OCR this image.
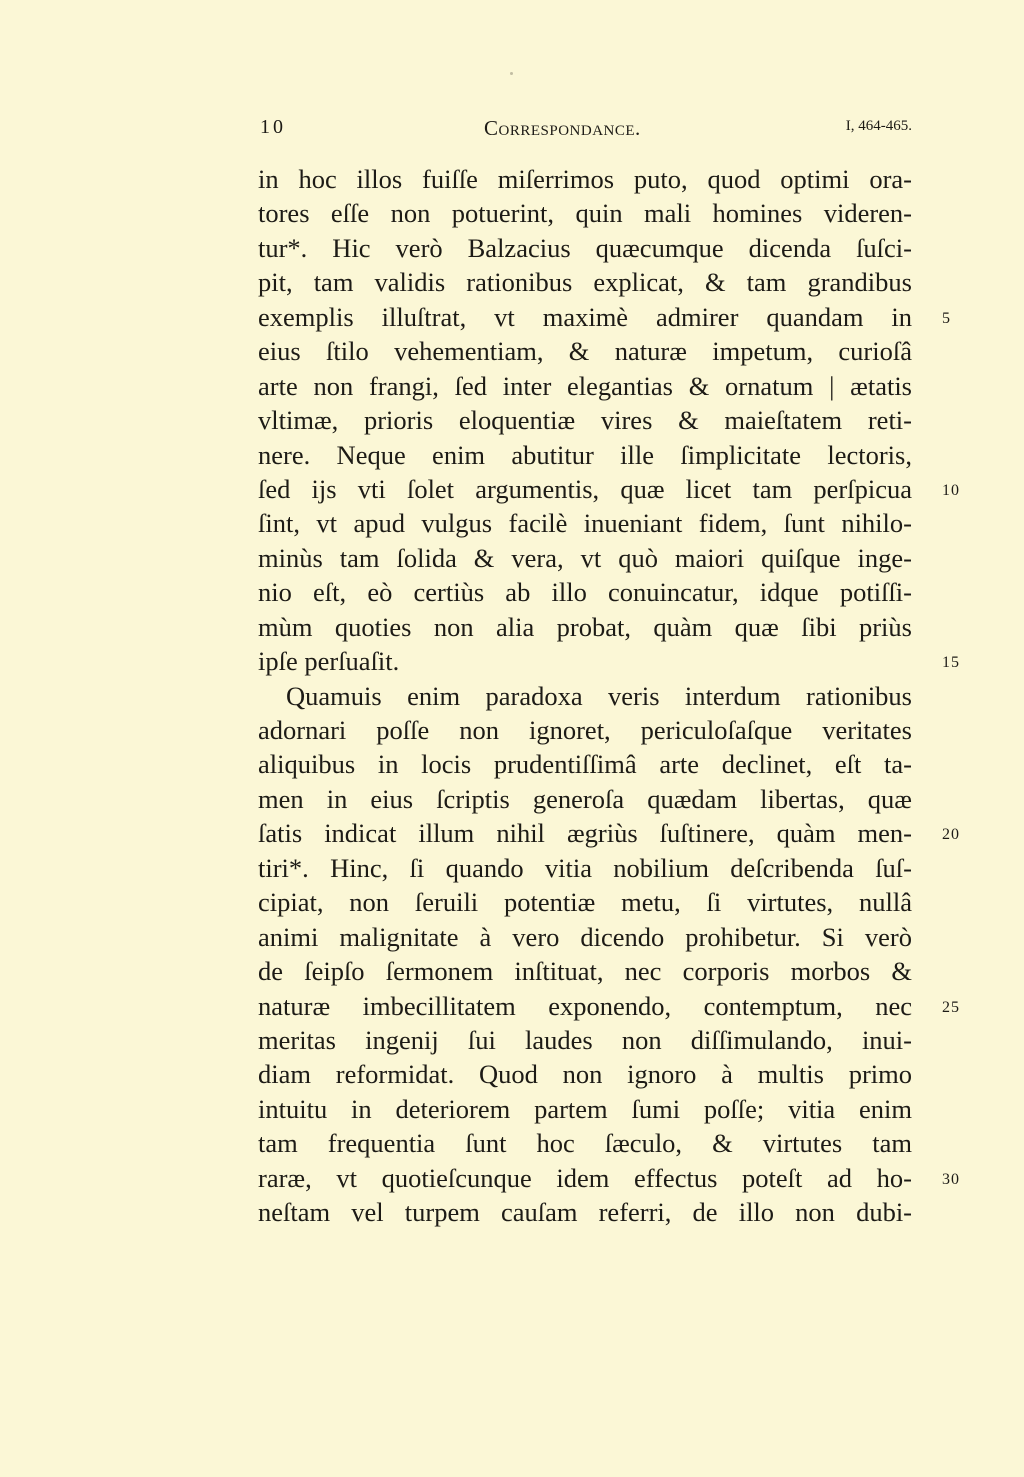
10	Correspondance.	I, 464-465.
in hoc illos fuiſſe miſerrimos puto, quod optimi ora-
tores eſſe non potuerint, quin mali homines videren-
tur*. Hic verò Balzacius quæcumque dicenda ſuſci-
pit, tam validis rationibus explicat, & tam grandibus
exemplis illuſtrat, vt maximè admirer quandam in 5
eius ſtilo vehementiam, & naturæ impetum, curioſâ
arte non frangi, ſed inter elegantias & ornatum | ætatis
vltimæ, prioris eloquentiæ vires & maieſtatem reti-
nere. Neque enim abutitur ille ſimplicitate lectoris,
ſed ijs vti ſolet argumentis, quæ licet tam perſpicua 10
ſint, vt apud vulgus facilè inueniant fidem, ſunt nihilo-
minùs tam ſolida & vera, vt quò maiori quiſque inge-
nio eſt, eò certiùs ab illo conuincatur, idque potiſſi-
mùm quoties non alia probat, quàm quæ ſibi priùs
ipſe perſuaſit.	15
Quamuis enim paradoxa veris interdum rationibus
adornari poſſe non ignoret, periculoſaſque veritates
aliquibus in locis prudentiſſimâ arte declinet, eſt ta-
men in eius ſcriptis generoſa quædam libertas, quæ
ſatis indicat illum nihil ægriùs ſuſtinere, quàm men- 20
tiri*. Hinc, ſi quando vitia nobilium deſcribenda ſuſ-
cipiat, non ſeruili potentiæ metu, ſi virtutes, nullâ
animi malignitate à vero dicendo prohibetur. Si verò
de ſeipſo ſermonem inſtituat, nec corporis morbos &
naturæ imbecillitatem exponendo, contemptum, nec 25
meritas ingenij ſui laudes non diſſimulando, inui-
diam reformidat. Quod non ignoro à multis primo
intuitu in deteriorem partem ſumi poſſe; vitia enim
tam frequentia ſunt hoc ſæculo, & virtutes tam
raræ, vt quotieſcunque idem effectus poteſt ad ho- 30
neſtam vel turpem cauſam referri, de illo non dubi-
